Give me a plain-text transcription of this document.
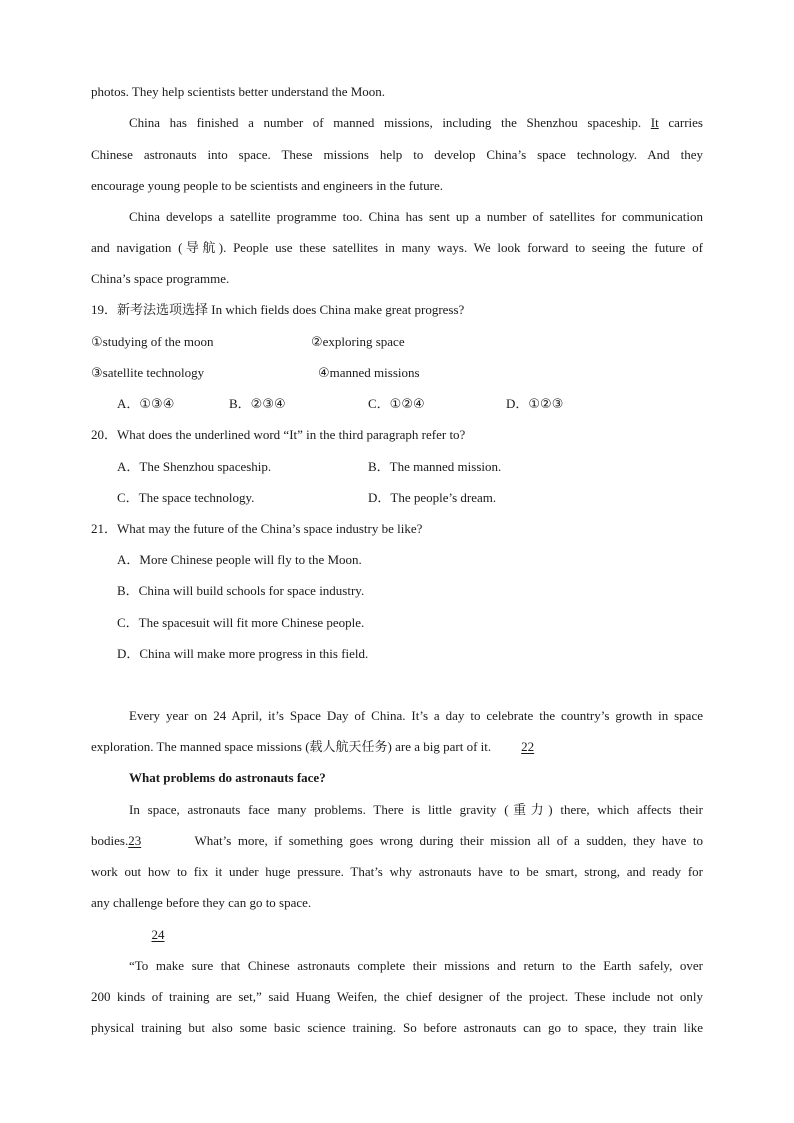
photos. They help scientists better understand the Moon.
China has finished a number of manned missions, including the Shenzhou spaceship. It carries
Chinese astronauts into space. These missions help to develop China’s space technology. And they
encourage young people to be scientists and engineers in the future.
China develops a satellite programme too. China has sent up a number of satellites for communication
and navigation (导航). People use these satellites in many ways. We look forward to seeing the future of
China’s space programme.
19．新考法选项选择 In which fields does China make great progress?
①studying of the moon	②exploring space
③satellite technology	④manned missions
A．①③④	B．②③④	C．①②④	D．①②③
20．What does the underlined word “It” in the third paragraph refer to?
A．The Shenzhou spaceship.	B．The manned mission.
C．The space technology.	D．The people’s dream.
21．What may the future of the China’s space industry be like?
A．More Chinese people will fly to the Moon.
B．China will build schools for space industry.
C．The spacesuit will fit more Chinese people.
D．China will make more progress in this field.
Every year on 24 April, it’s Space Day of China. It’s a day to celebrate the country’s growth in space
exploration. The manned space missions (载人航天任务) are a big part of it. 22
What problems do astronauts face?
In space, astronauts face many problems. There is little gravity (重力) there, which affects their
bodies.23	What’s more, if something goes wrong during their mission all of a sudden, they have to
work out how to fix it under huge pressure. That’s why astronauts have to be smart, strong, and ready for
any challenge before they can go to space.
24
“To make sure that Chinese astronauts complete their missions and return to the Earth safely, over
200 kinds of training are set,” said Huang Weifen, the chief designer of the project. These include not only
physical training but also some basic science training. So before astronauts can go to space, they train like
